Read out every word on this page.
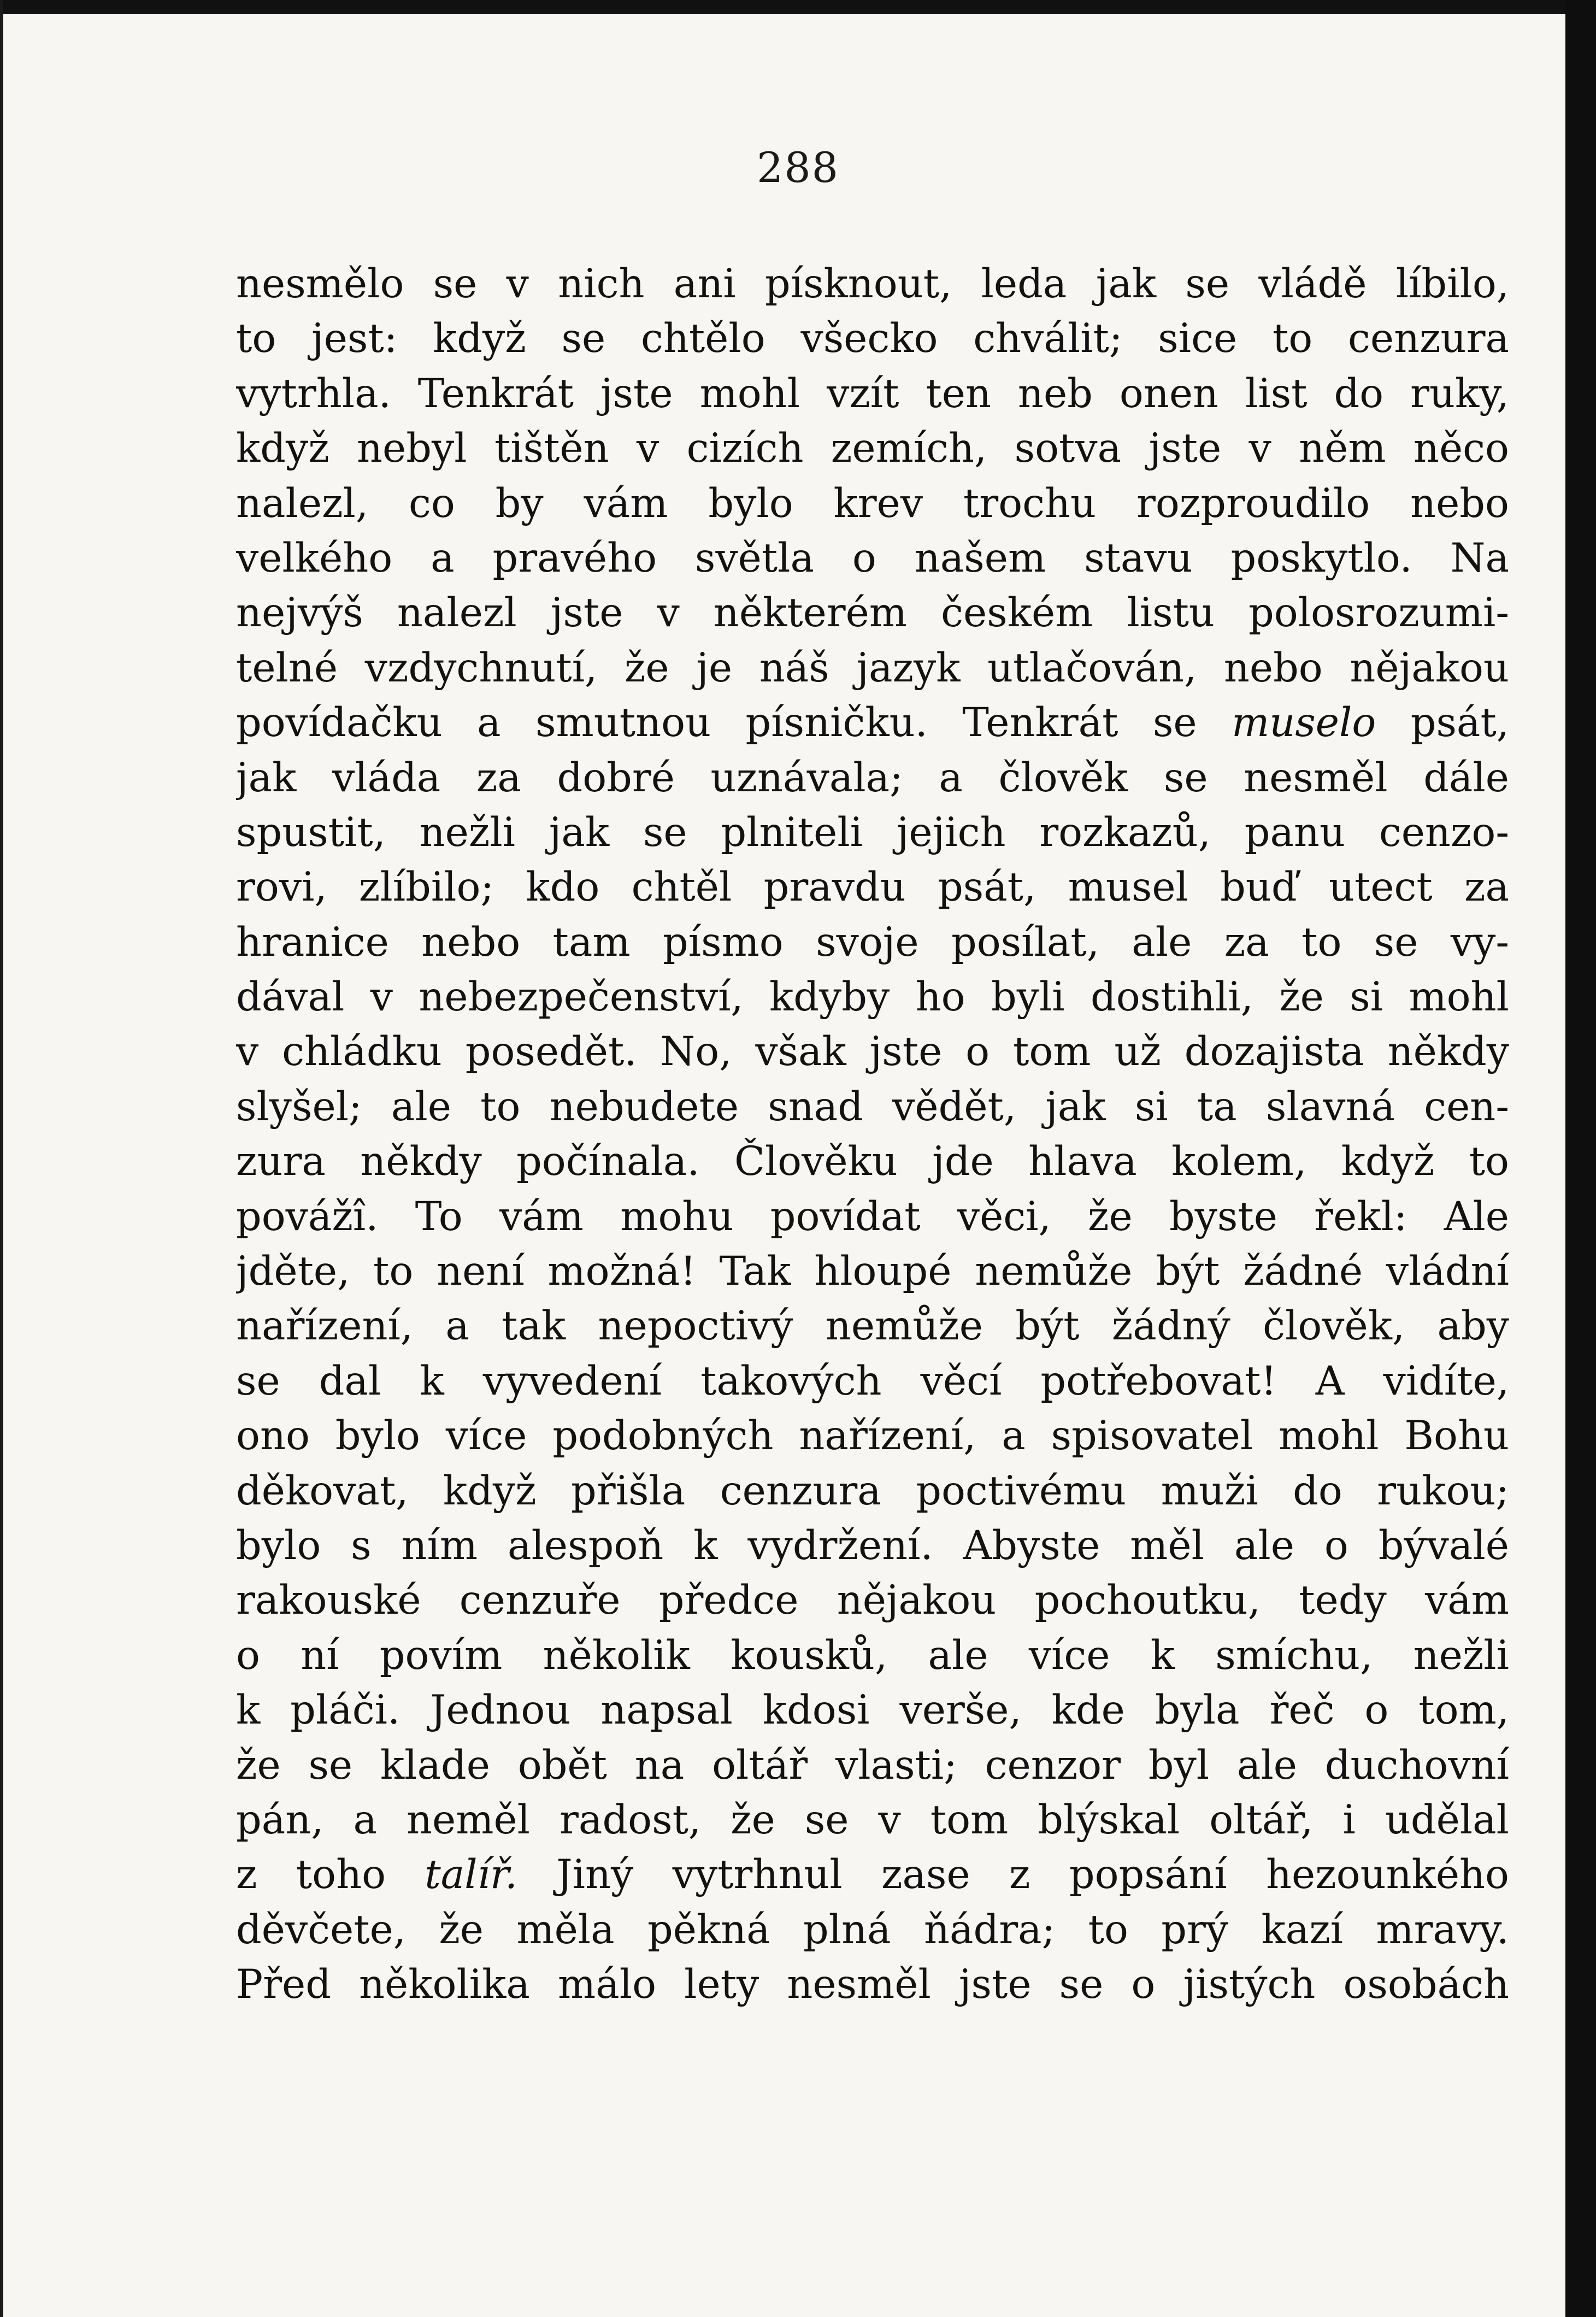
288
nesmělo se v nich ani písknout, leda jak se vládě líbilo,
to jest: když se chtělo všecko chválit; sice to cenzura
vytrhla. Tenkrát jste mohl vzít ten neb onen list do ruky,
když nebyl tištěn v cizích zemích, sotva jste v něm něco
nalezl, co by vám bylo krev trochu rozproudilo nebo
velkého a pravého světla o našem stavu poskytlo. Na
nejvýš nalezl jste v některém českém listu polosrozumi-
telné vzdychnutí, že je náš jazyk utlačován, nebo nějakou
povídačku a smutnou písničku. Tenkrát se muselo psát,
jak vláda za dobré uznávala; a člověk se nesměl dále
spustit, nežli jak se plniteli jejich rozkazů, panu cenzo-
rovi, zlíbilo; kdo chtěl pravdu psát, musel buď utect za
hranice nebo tam písmo svoje posílat, ale za to se vy-
dával v nebezpečenství, kdyby ho byli dostihli, že si mohl
v chládku posedět. No, však jste o tom už dozajista někdy
slyšel; ale to nebudete snad vědět, jak si ta slavná cen-
zura někdy počínala. Člověku jde hlava kolem, když to
povážî. To vám mohu povídat věci, že byste řekl: Ale
jděte, to není možná! Tak hloupé nemůže být žádné vládní
nařízení, a tak nepoctivý nemůže být žádný člověk, aby
se dal k vyvedení takových věcí potřebovat! A vidíte,
ono bylo více podobných nařízení, a spisovatel mohl Bohu
děkovat, když přišla cenzura poctivému muži do rukou;
bylo s ním alespoň k vydržení. Abyste měl ale o bývalé
rakouské cenzuře předce nějakou pochoutku, tedy vám
o ní povím několik kousků, ale více k smíchu, nežli
k pláči. Jednou napsal kdosi verše, kde byla řeč o tom,
že se klade obět na oltář vlasti; cenzor byl ale duchovní
pán, a neměl radost, že se v tom blýskal oltář, i udělal
z toho talíř. Jiný vytrhnul zase z popsání hezounkého
děvčete, že měla pěkná plná ňádra; to prý kazí mravy.
Před několika málo lety nesměl jste se o jistých osobách
